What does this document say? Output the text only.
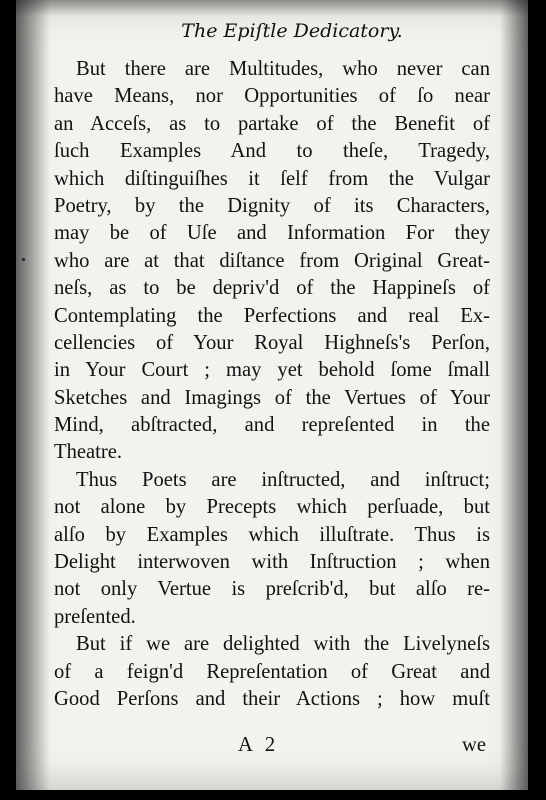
The Epiſtle Dedicatory.
But there are Multitudes, who never can
have Means, nor Opportunities of ſo near
an Acceſs, as to partake of the Benefit of
ſuch Examples And to theſe, Tragedy,
which diſtinguiſhes it ſelf from the Vulgar
Poetry, by the Dignity of its Characters,
may be of Uſe and Information For they
who are at that diſtance from Original Great-
neſs, as to be depriv'd of the Happineſs of
Contemplating the Perfections and real Ex-
cellencies of Your Royal Highneſs's Perſon,
in Your Court ; may yet behold ſome ſmall
Sketches and Imagings of the Vertues of Your
Mind, abſtracted, and repreſented in the
Theatre.
Thus Poets are inſtructed, and inſtruct;
not alone by Precepts which perſuade, but
alſo by Examples which illuſtrate. Thus is
Delight interwoven with Inſtruction ; when
not only Vertue is preſcrib'd, but alſo re-
preſented.
But if we are delighted with the Livelyneſs
of a feign'd Repreſentation of Great and
Good Perſons and their Actions ; how muſt
A 2	we
